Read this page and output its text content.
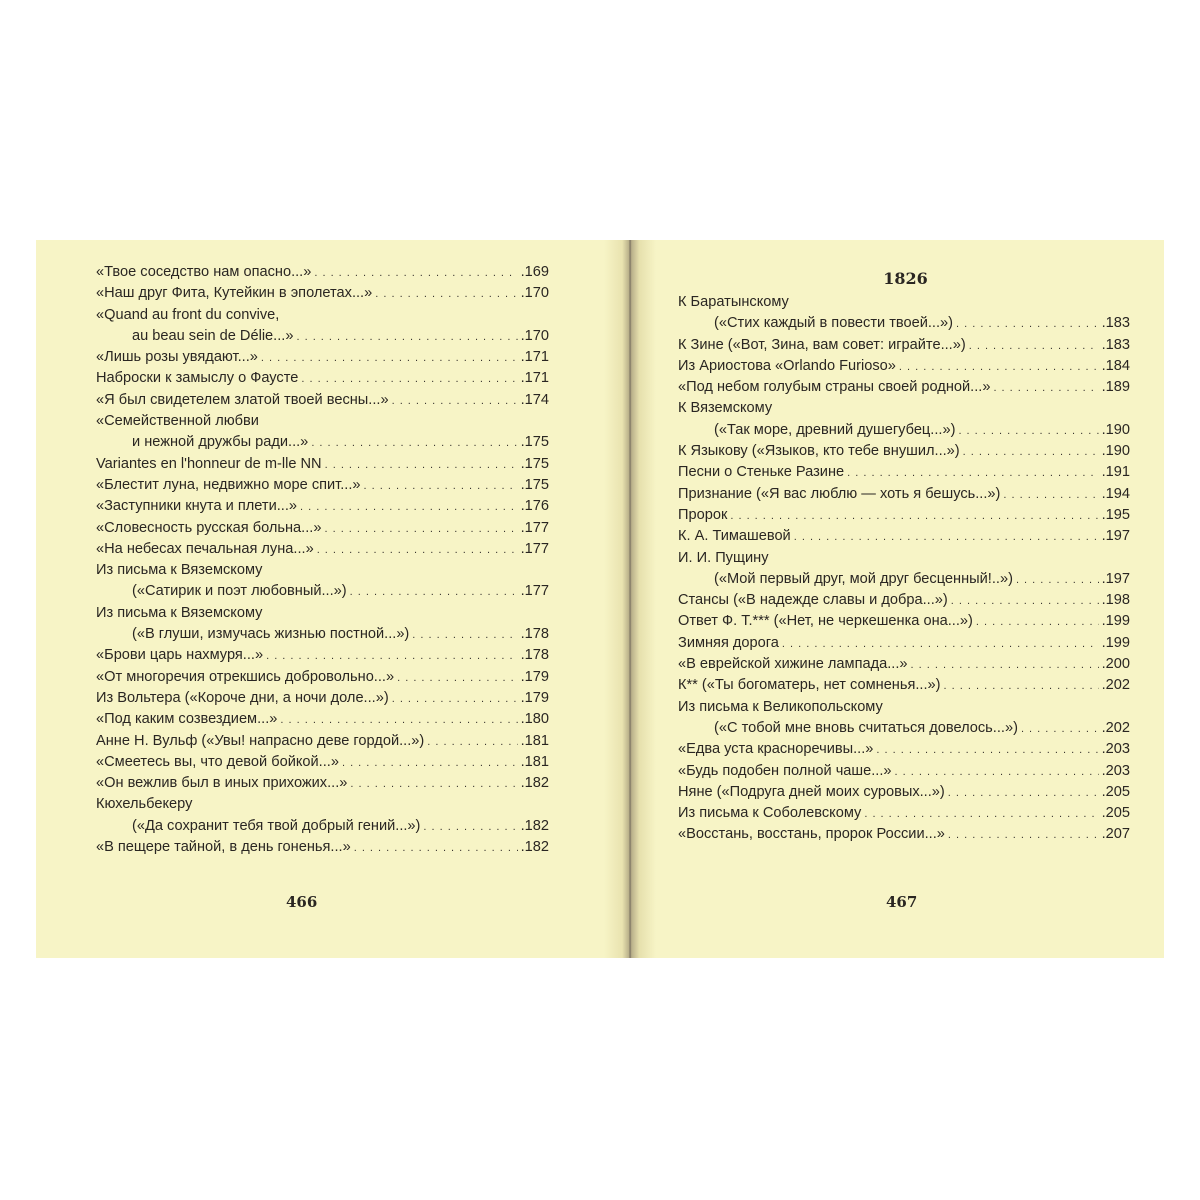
«Твое соседство нам опасно...» . . .	.169
«Наш друг Фита, Кутейкин в эполетах...» . . .	.170
«Quand au front du convive,
au beau sein de Délie...» . . .	.170
«Лишь розы увядают...» . . .	.171
Наброски к замыслу о Фаусте . . .	.171
«Я был свидетелем златой твоей весны...» . . .	.174
«Семейственной любви
и нежной дружбы ради...» . . .	.175
Variantes en l'honneur de m-lle NN . . .	.175
«Блестит луна, недвижно море спит...» . . .	.175
«Заступники кнута и плети...» . . .	.176
«Словесность русская больна...» . . .	.177
«На небесах печальная луна...» . . .	.177
Из письма к Вяземскому
(«Сатирик и поэт любовный...») . . .	.177
Из письма к Вяземскому
(«В глуши, измучась жизнью постной...») . . .	.178
«Брови царь нахмуря...» . . .	.178
«От многоречия отрекшись добровольно...» . . .	.179
Из Вольтера («Короче дни, а ночи доле...») . . .	.179
«Под каким созвездием...» . . .	.180
Анне Н. Вульф («Увы! напрасно деве гордой...») . . .	.181
«Смеетесь вы, что девой бойкой...» . . .	.181
«Он вежлив был в иных прихожих...» . . .	.182
Кюхельбекеру
(«Да сохранит тебя твой добрый гений...») . . .	.182
«В пещере тайной, в день гоненья...» . . .	.182
1826
К Баратынскому
(«Стих каждый в повести твоей...») . . .	.183
К Зине («Вот, Зина, вам совет: играйте...») . . .	.183
Из Ариостова «Orlando Furioso» . . .	.184
«Под небом голубым страны своей родной...» . . .	.189
К Вяземскому
(«Так море, древний душегубец...») . . .	.190
К Языкову («Языков, кто тебе внушил...») . . .	.190
Песни о Стеньке Разине . . .	.191
Признание («Я вас люблю — хоть я бешусь...») . . .	.194
Пророк . . .	.195
К. А. Тимашевой . . .	.197
И. И. Пущину
(«Мой первый друг, мой друг бесценный!..») . . .	.197
Стансы («В надежде славы и добра...») . . .	.198
Ответ Ф. Т.*** («Нет, не черкешенка она...») . . .	.199
Зимняя дорога . . .	.199
«В еврейской хижине лампада...» . . .	.200
К** («Ты богоматерь, нет сомненья...») . . .	.202
Из письма к Великопольскому
(«С тобой мне вновь считаться довелось...») . . .	.202
«Едва уста красноречивы...» . . .	.203
«Будь подобен полной чаше...» . . .	.203
Няне («Подруга дней моих суровых...») . . .	.205
Из письма к Соболевскому . . .	.205
«Восстань, восстань, пророк России...» . . .	.207
466	467
